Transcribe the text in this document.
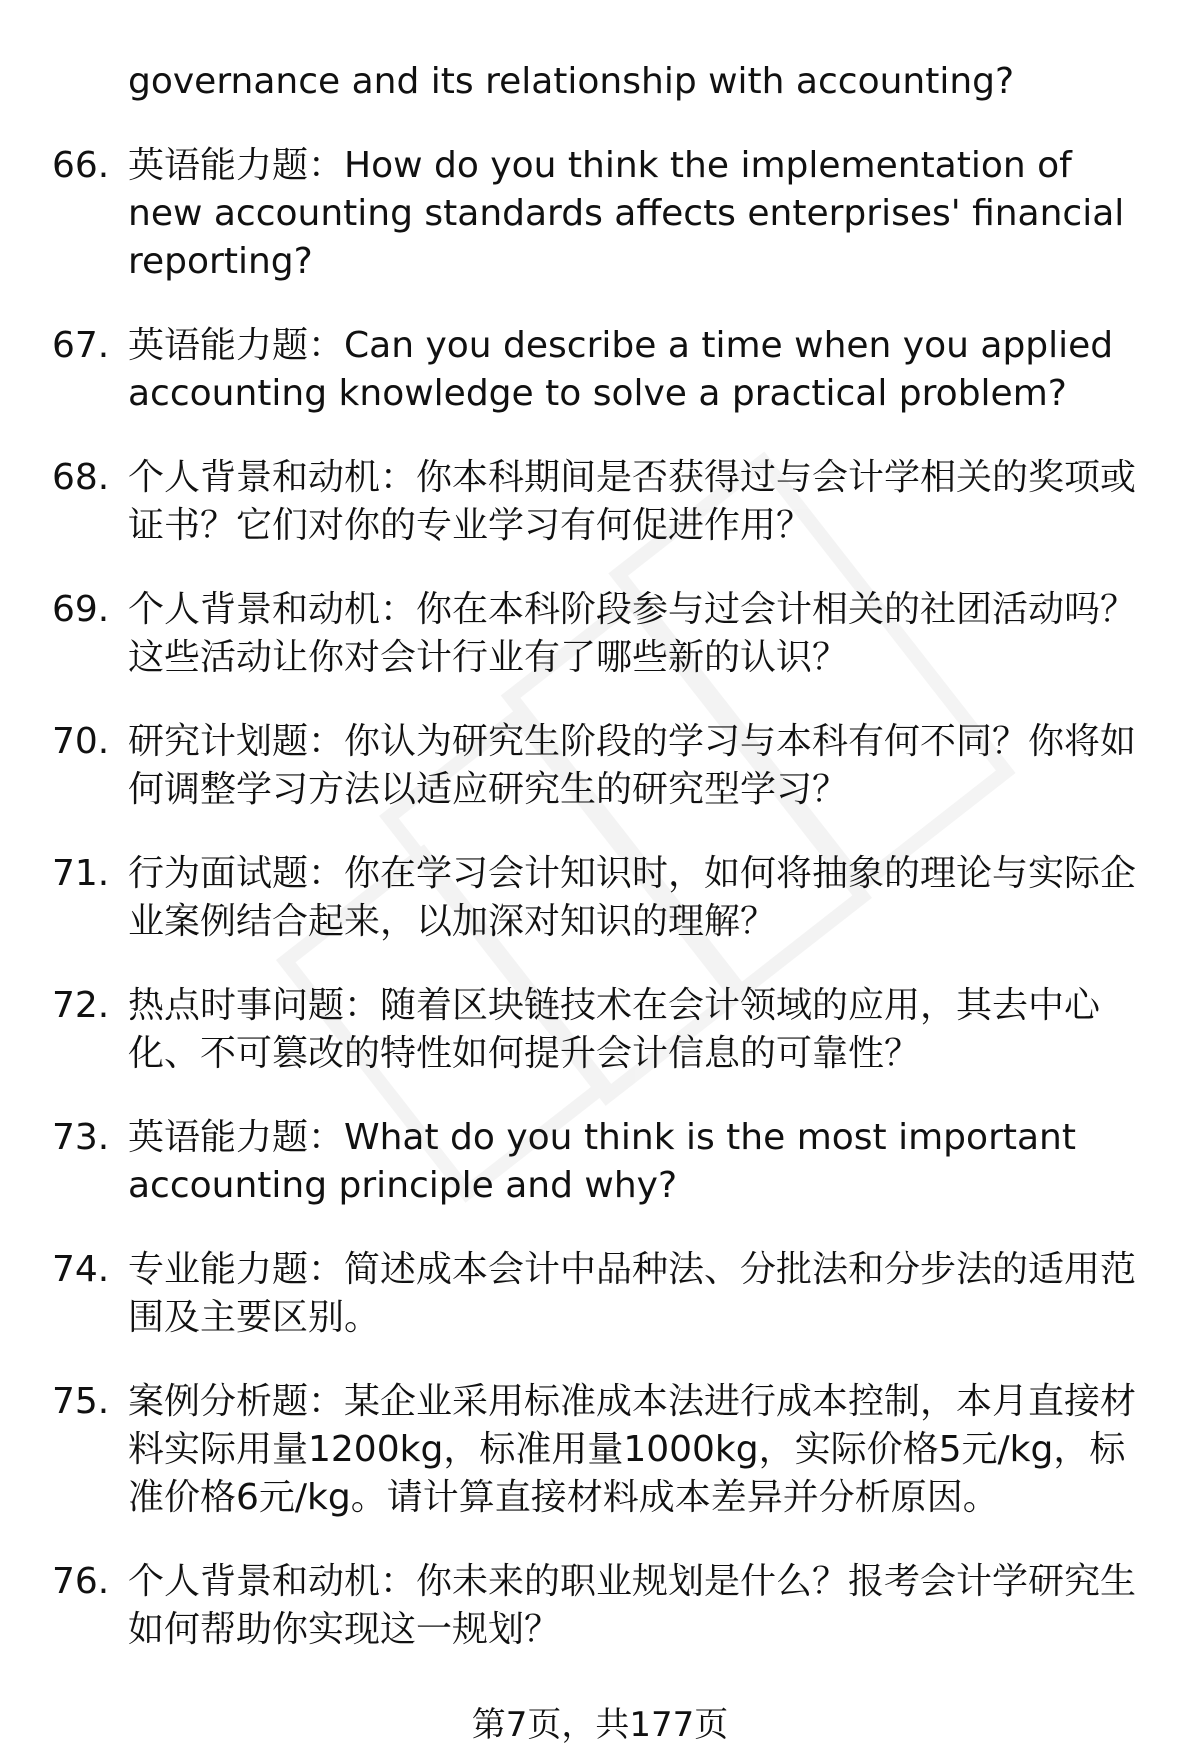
governance and its relationship with accounting?
66. 英语能力题：How do you think the implementation of new accounting standards affects enterprises' financial reporting?
67. 英语能力题：Can you describe a time when you applied accounting knowledge to solve a practical problem?
68. 个人背景和动机：你本科期间是否获得过与会计学相关的奖项或证书？它们对你的专业学习有何促进作用？
69. 个人背景和动机：你在本科阶段参与过会计相关的社团活动吗？这些活动让你对会计行业有了哪些新的认识？
70. 研究计划题：你认为研究生阶段的学习与本科有何不同？你将如何调整学习方法以适应研究生的研究型学习？
71. 行为面试题：你在学习会计知识时，如何将抽象的理论与实际企业案例结合起来，以加深对知识的理解？
72. 热点时事问题：随着区块链技术在会计领域的应用，其去中心化、不可篡改的特性如何提升会计信息的可靠性？
73. 英语能力题：What do you think is the most important accounting principle and why?
74. 专业能力题：简述成本会计中品种法、分批法和分步法的适用范围及主要区别。
75. 案例分析题：某企业采用标准成本法进行成本控制，本月直接材料实际用量1200kg，标准用量1000kg，实际价格5元/kg，标准价格6元/kg。请计算直接材料成本差异并分析原因。
76. 个人背景和动机：你未来的职业规划是什么？报考会计学研究生如何帮助你实现这一规划？
第7页，共177页
